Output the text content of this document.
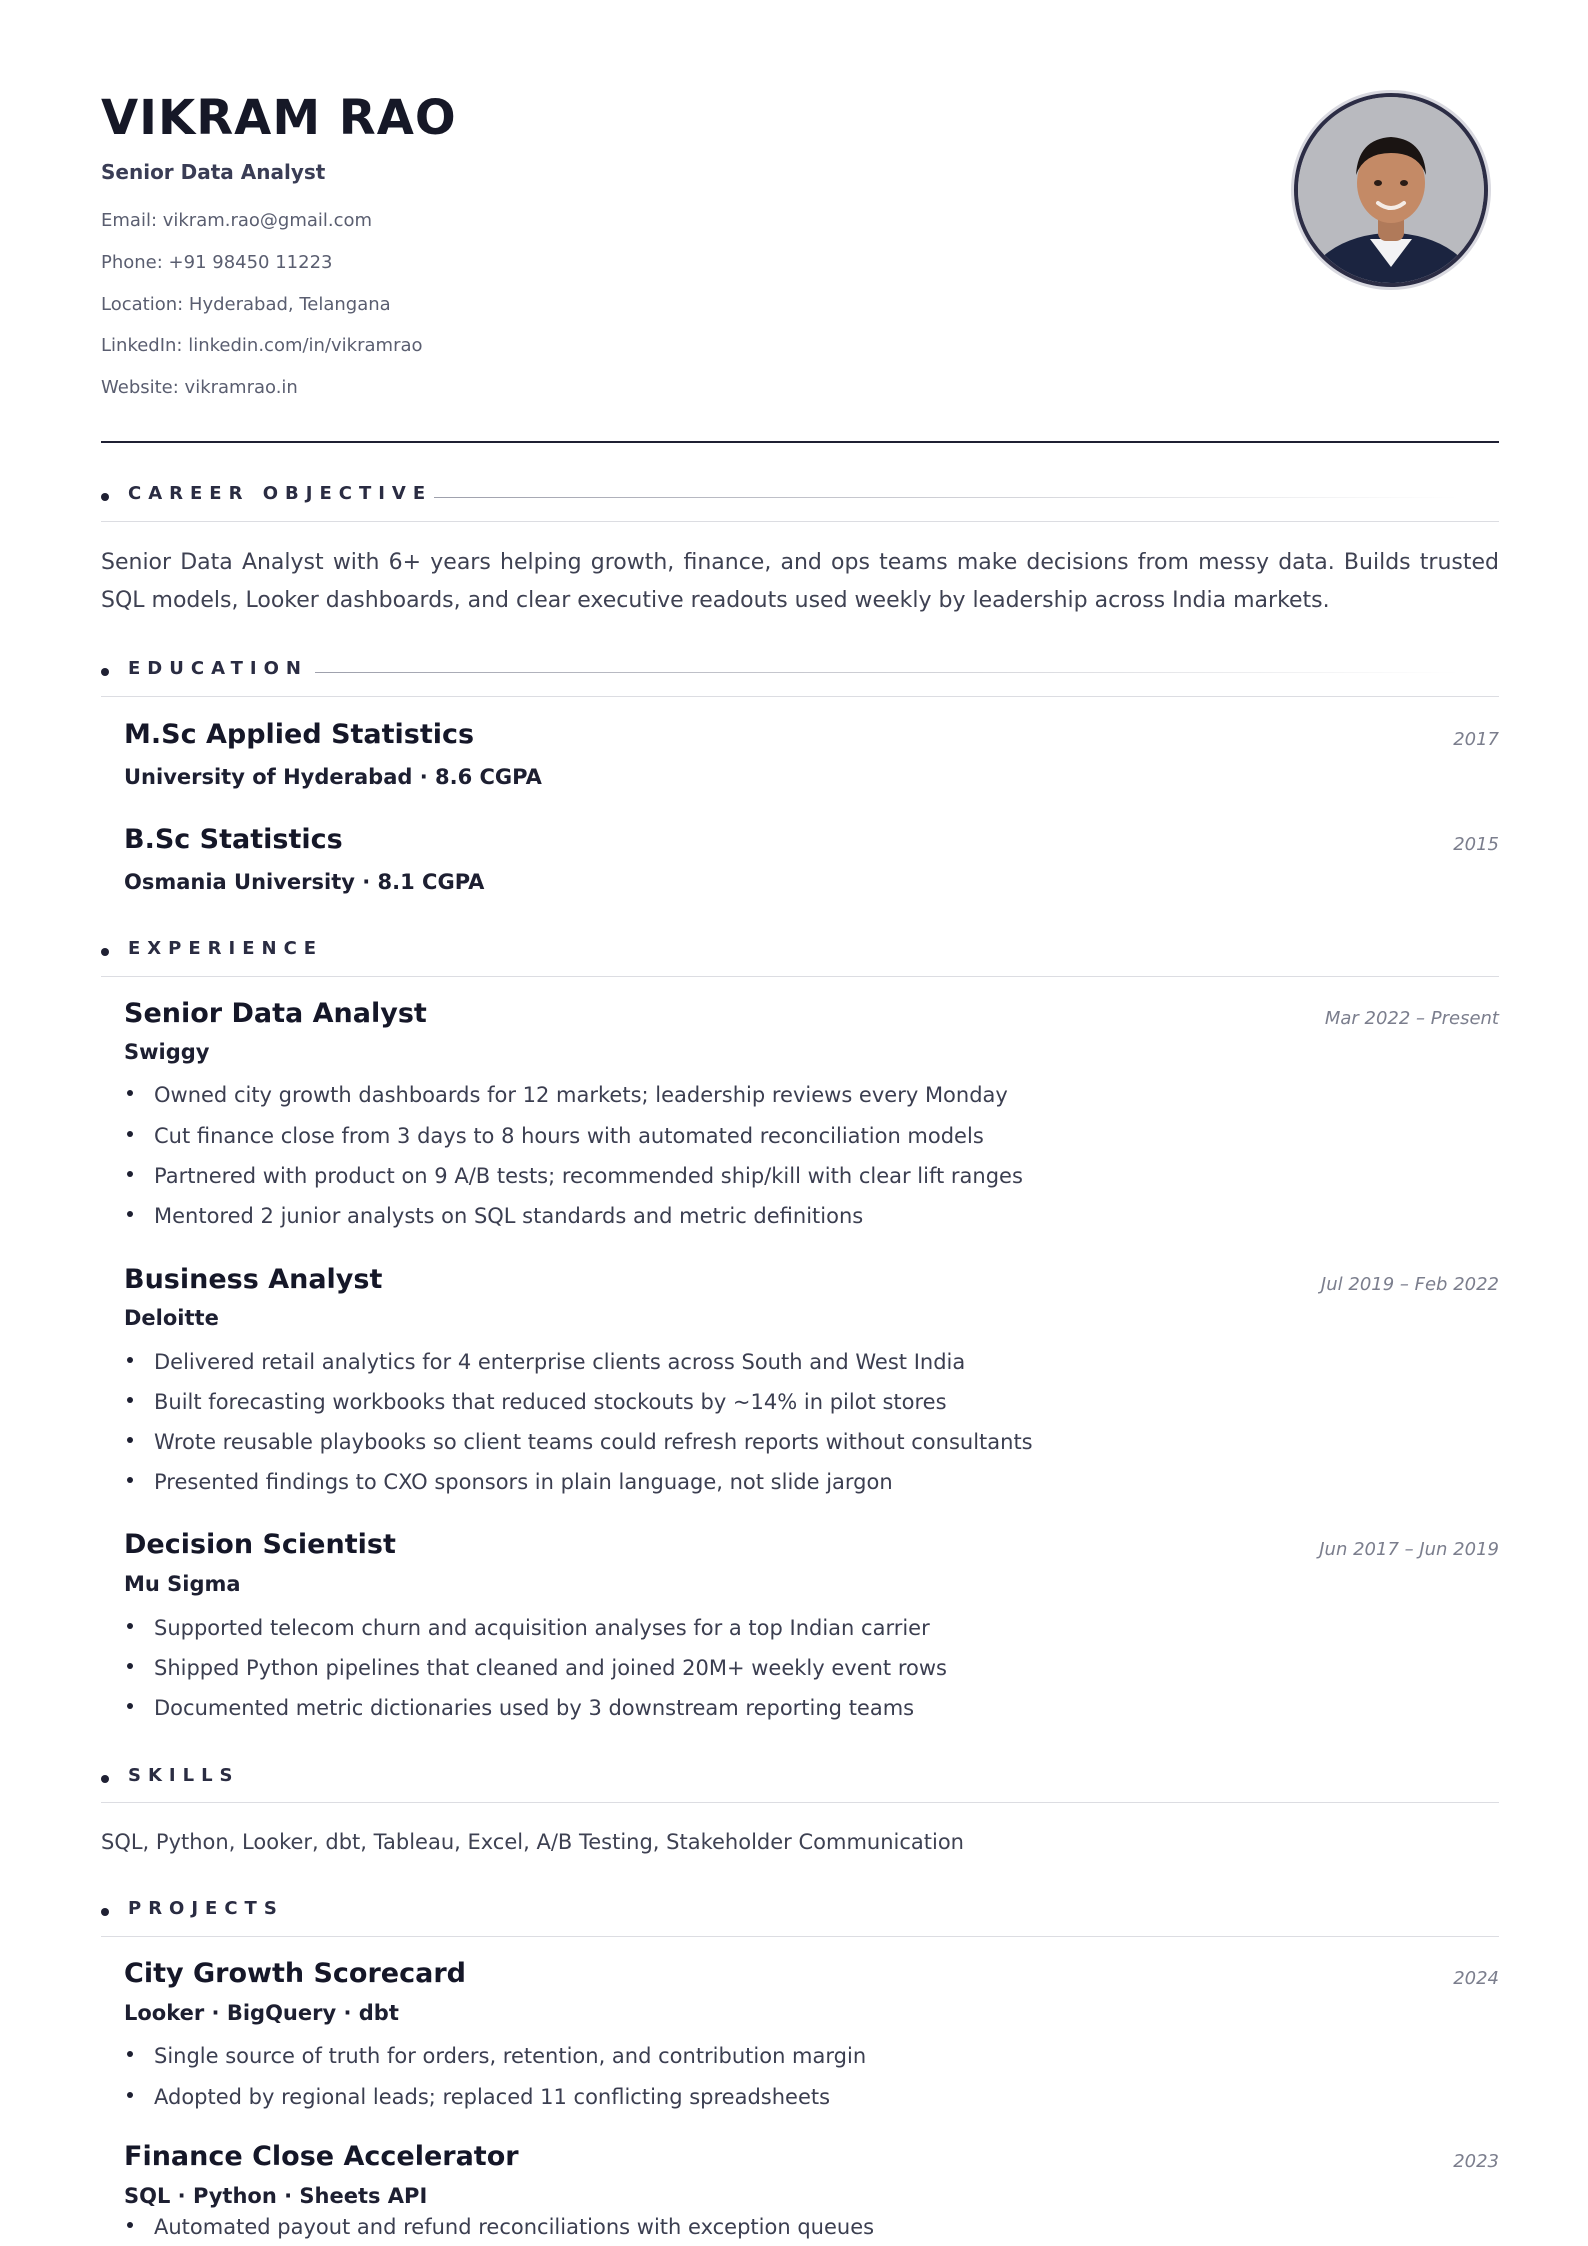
VIKRAM RAO
Senior Data Analyst
Email: vikram.rao@gmail.com
Phone: +91 98450 11223
Location: Hyderabad, Telangana
LinkedIn: linkedin.com/in/vikramrao
Website: vikramrao.in
CAREER OBJECTIVE

Senior Data Analyst with 6+ years helping growth, finance, and ops teams make decisions from messy data. Builds trusted SQL models, Looker dashboards, and clear executive readouts used weekly by leadership across India markets.

EDUCATION
M.Sc Applied Statistics	2017
University of Hyderabad · 8.6 CGPA
B.Sc Statistics	2015
Osmania University · 8.1 CGPA
EXPERIENCE
Senior Data Analyst	Mar 2022 – Present
Swiggy
Owned city growth dashboards for 12 markets; leadership reviews every Monday
Cut finance close from 3 days to 8 hours with automated reconciliation models
Partnered with product on 9 A/B tests; recommended ship/kill with clear lift ranges
Mentored 2 junior analysts on SQL standards and metric definitions
Business Analyst	Jul 2019 – Feb 2022
Deloitte
Delivered retail analytics for 4 enterprise clients across South and West India
Built forecasting workbooks that reduced stockouts by ~14% in pilot stores
Wrote reusable playbooks so client teams could refresh reports without consultants
Presented findings to CXO sponsors in plain language, not slide jargon
Decision Scientist	Jun 2017 – Jun 2019
Mu Sigma
Supported telecom churn and acquisition analyses for a top Indian carrier
Shipped Python pipelines that cleaned and joined 20M+ weekly event rows
Documented metric dictionaries used by 3 downstream reporting teams
SKILLS
SQL, Python, Looker, dbt, Tableau, Excel, A/B Testing, Stakeholder Communication
PROJECTS
City Growth Scorecard	2024
Looker · BigQuery · dbt
Single source of truth for orders, retention, and contribution margin
Adopted by regional leads; replaced 11 conflicting spreadsheets
Finance Close Accelerator	2023
SQL · Python · Sheets API
Automated payout and refund reconciliations with exception queues
